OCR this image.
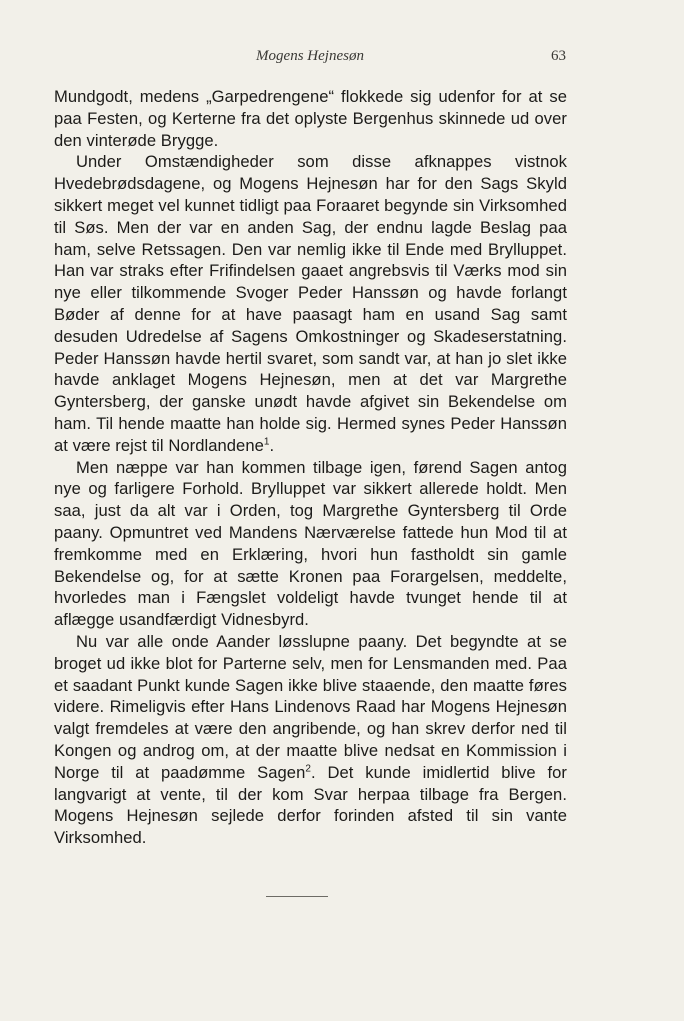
Mogens Hejnesøn	63

Mundgodt, medens „Garpedrengene“ flokkede sig udenfor for at se paa Festen, og Kerterne fra det oplyste Bergenhus skinnede ud over den vinterøde Brygge.

Under Omstændigheder som disse afknappes vistnok Hvedebrødsdagene, og Mogens Hejnesøn har for den Sags Skyld sikkert meget vel kunnet tidligt paa Foraaret begynde sin Virksomhed til Søs. Men der var en anden Sag, der endnu lagde Beslag paa ham, selve Retssagen. Den var nemlig ikke til Ende med Brylluppet. Han var straks efter Frifindelsen gaaet angrebsvis til Værks mod sin nye eller tilkommende Svoger Peder Hanssøn og havde forlangt Bøder af denne for at have paasagt ham en usand Sag samt desuden Udredelse af Sagens Omkostninger og Skadeserstatning. Peder Hanssøn havde hertil svaret, som sandt var, at han jo slet ikke havde anklaget Mogens Hejnesøn, men at det var Margrethe Gyntersberg, der ganske unødt havde afgivet sin Bekendelse om ham. Til hende maatte han holde sig. Hermed synes Peder Hanssøn at være rejst til Nordlandene$^1$.

Men næppe var han kommen tilbage igen, førend Sagen antog nye og farligere Forhold. Brylluppet var sikkert allerede holdt. Men saa, just da alt var i Orden, tog Margrethe Gyntersberg til Orde paany. Opmuntret ved Mandens Nærværelse fattede hun Mod til at fremkomme med en Erklæring, hvori hun fastholdt sin gamle Bekendelse og, for at sætte Kronen paa Forargelsen, meddelte, hvorledes man i Fængslet voldeligt havde tvunget hende til at aflægge usandfærdigt Vidnesbyrd.

Nu var alle onde Aander løsslupne paany. Det begyndte at se broget ud ikke blot for Parterne selv, men for Lensmanden med. Paa et saadant Punkt kunde Sagen ikke blive staaende, den maatte føres videre. Rimeligvis efter Hans Lindenovs Raad har Mogens Hejnesøn valgt fremdeles at være den angribende, og han skrev derfor ned til Kongen og androg om, at der maatte blive nedsat en Kommission i Norge til at paadømme Sagen$^2$. Det kunde imidlertid blive for langvarigt at vente, til der kom Svar herpaa tilbage fra Bergen. Mogens Hejnesøn sejlede derfor forinden afsted til sin vante Virksomhed.
